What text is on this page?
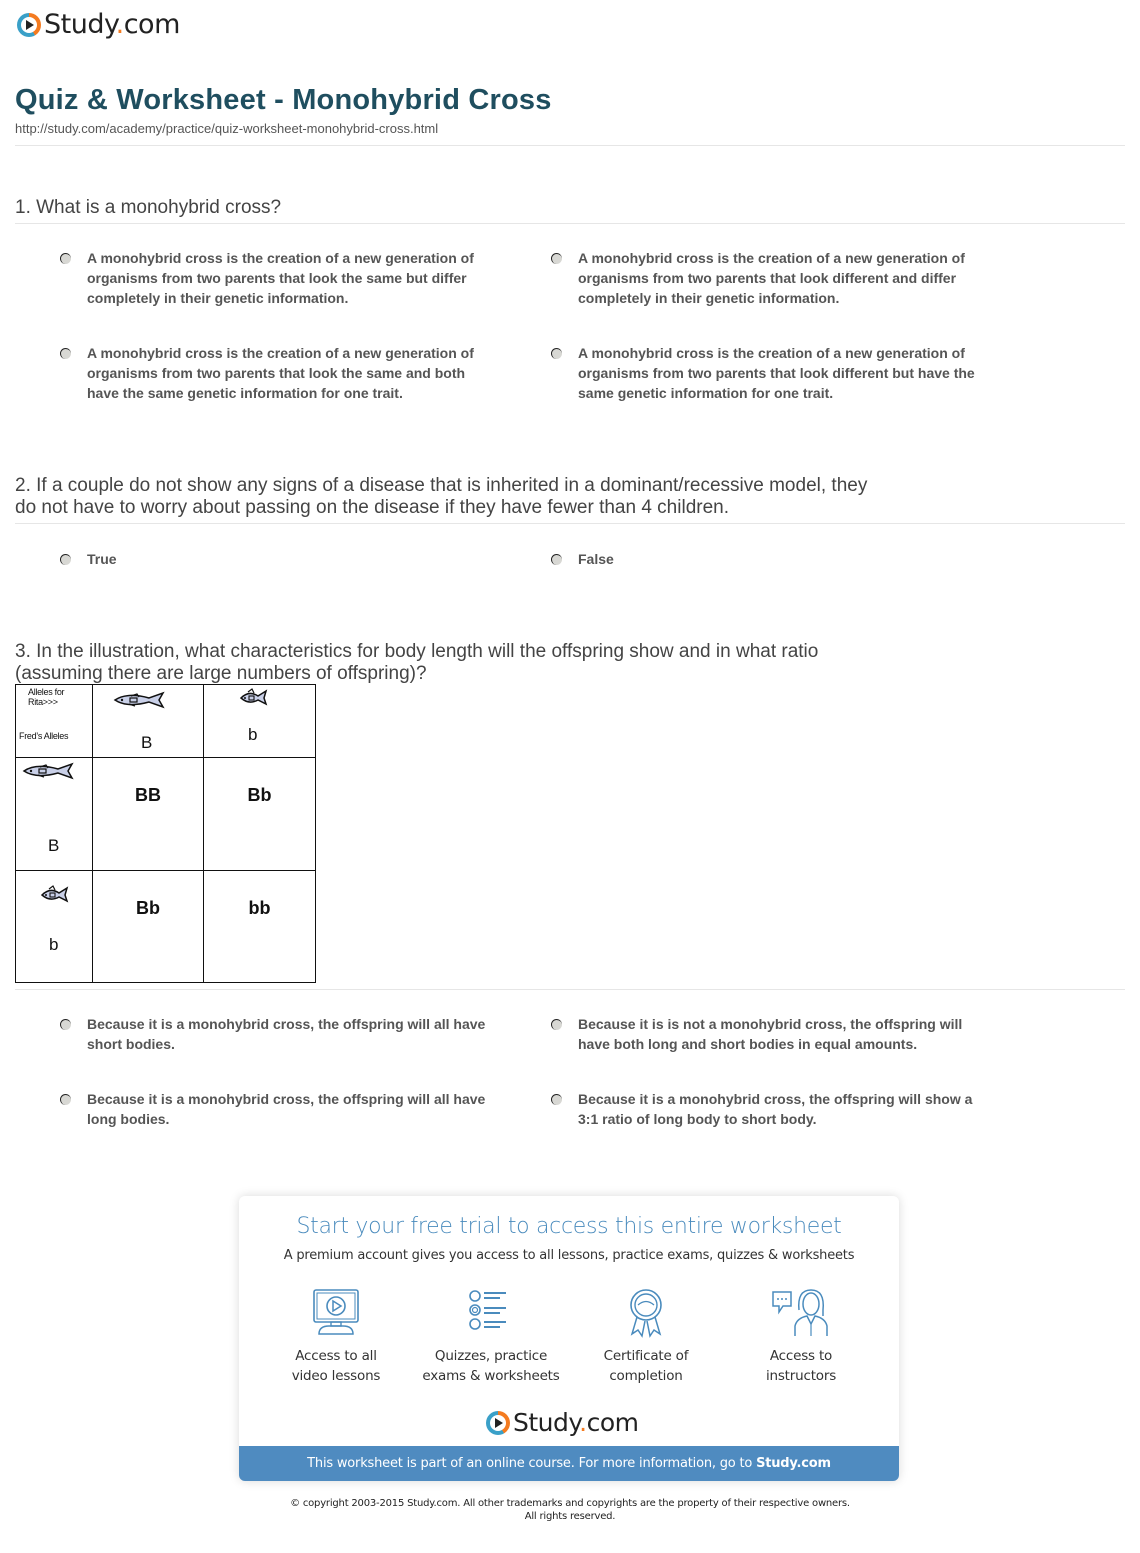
Study.com
Quiz & Worksheet - Monohybrid Cross
http://study.com/academy/practice/quiz-worksheet-monohybrid-cross.html
1. What is a monohybrid cross?
A monohybrid cross is the creation of a new generation of organisms from two parents that look the same but differ completely in their genetic information.
A monohybrid cross is the creation of a new generation of organisms from two parents that look different and differ completely in their genetic information.
A monohybrid cross is the creation of a new generation of organisms from two parents that look the same and both have the same genetic information for one trait.
A monohybrid cross is the creation of a new generation of organisms from two parents that look different but have the same genetic information for one trait.
2. If a couple do not show any signs of a disease that is inherited in a dominant/recessive model, they
do not have to worry about passing on the disease if they have fewer than 4 children.
True	False
3. In the illustration, what characteristics for body length will the offspring show and in what ratio
(assuming there are large numbers of offspring)?
Alleles for Rita>>>
Fred’s Alleles	B	b

B	BB	Bb

b	Bb	bb
Because it is a monohybrid cross, the offspring will all have short bodies.
Because it is is not a monohybrid cross, the offspring will have both long and short bodies in equal amounts.
Because it is a monohybrid cross, the offspring will all have long bodies.
Because it is a monohybrid cross, the offspring will show a 3:1 ratio of long body to short body.
Start your free trial to access this entire worksheet
A premium account gives you access to all lessons, practice exams, quizzes & worksheets
Access to all
video lessons
Quizzes, practice
exams & worksheets
Certificate of
completion
Access to
instructors
Study.com
This worksheet is part of an online course. For more information, go to Study.com
© copyright 2003-2015 Study.com. All other trademarks and copyrights are the property of their respective owners.
All rights reserved.
